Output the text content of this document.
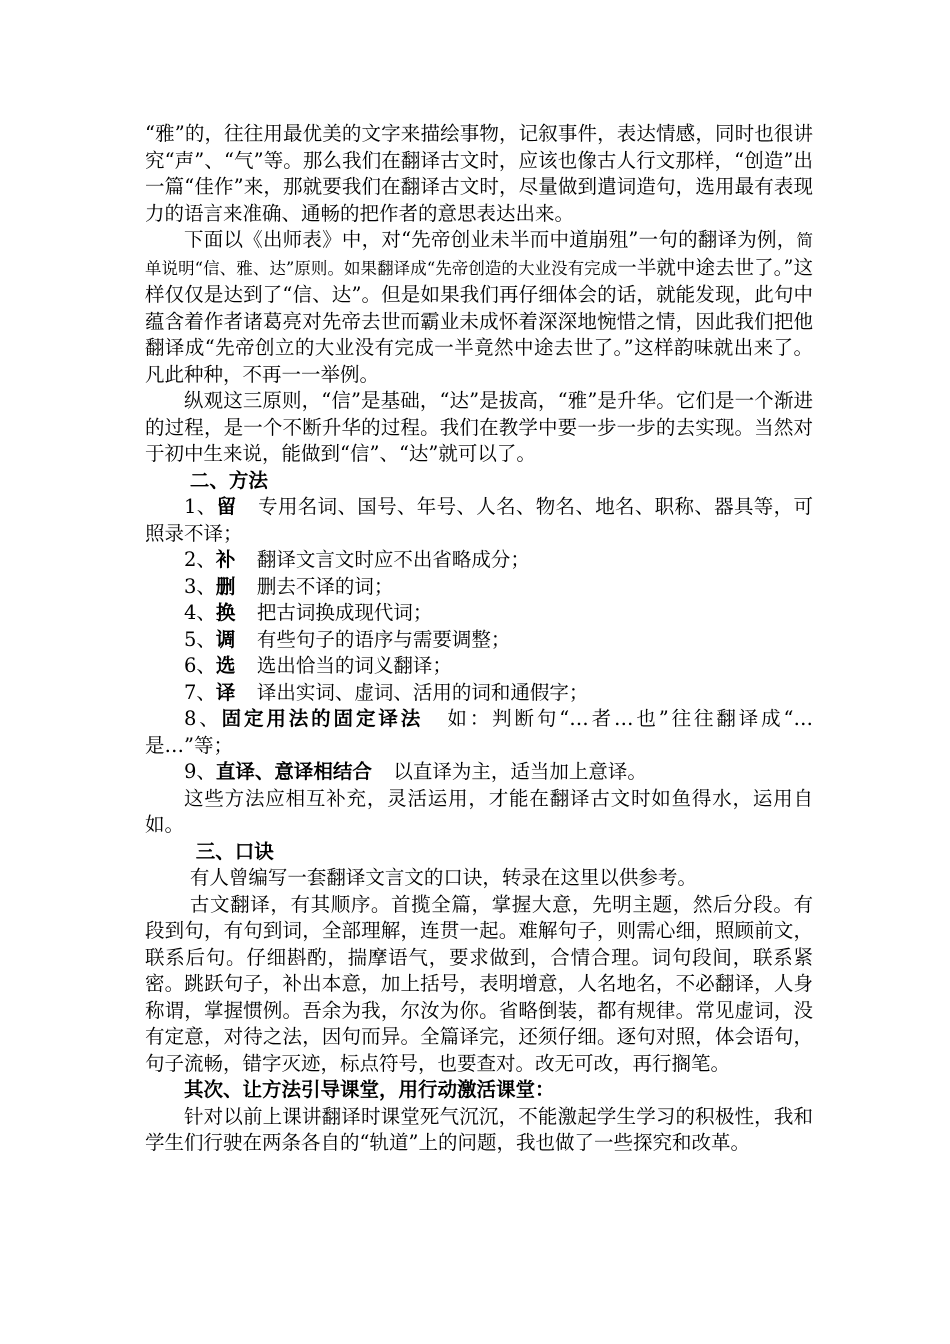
“雅”的，往往用最优美的文字来描绘事物，记叙事件，表达情感，同时也很讲究“声”、“气”等。那么我们在翻译古文时，应该也像古人行文那样，“创造”出一篇“佳作”来，那就要我们在翻译古文时，尽量做到遣词造句，选用最有表现力的语言来准确、通畅的把作者的意思表达出来。

下面以《出师表》中，对“先帝创业未半而中道崩殂”一句的翻译为例，简单说明“信、雅、达”原则。如果翻译成“先帝创造的大业没有完成一半就中途去世了。”这样仅仅是达到了“信、达”。但是如果我们再仔细体会的话，就能发现，此句中蕴含着作者诸葛亮对先帝去世而霸业未成怀着深深地惋惜之情，因此我们把他翻译成“先帝创立的大业没有完成一半竟然中途去世了。”这样韵味就出来了。凡此种种，不再一一举例。

纵观这三原则，“信”是基础，“达”是拔高，“雅”是升华。它们是一个渐进的过程，是一个不断升华的过程。我们在教学中要一步一步的去实现。当然对于初中生来说，能做到“信”、“达”就可以了。

二、方法

1、留 专用名词、国号、年号、人名、物名、地名、职称、器具等，可照录不译；

2、补 翻译文言文时应不出省略成分；

3、删 删去不译的词；

4、换 把古词换成现代词；

5、调 有些句子的语序与需要调整；

6、选 选出恰当的词义翻译；

7、译 译出实词、虚词、活用的词和通假字；

8、固定用法的固定译法 如：判断句“…者…也”往往翻译成“…是…”等；

9、直译、意译相结合 以直译为主，适当加上意译。

这些方法应相互补充，灵活运用，才能在翻译古文时如鱼得水，运用自如。

三、口诀

有人曾编写一套翻译文言文的口诀，转录在这里以供参考。

古文翻译，有其顺序。首揽全篇，掌握大意，先明主题，然后分段。有段到句，有句到词，全部理解，连贯一起。难解句子，则需心细，照顾前文，联系后句。仔细斟酌，揣摩语气，要求做到，合情合理。词句段间，联系紧密。跳跃句子，补出本意，加上括号，表明增意，人名地名，不必翻译，人身称谓，掌握惯例。吾余为我，尔汝为你。省略倒装，都有规律。常见虚词，没有定意，对待之法，因句而异。全篇译完，还须仔细。逐句对照，体会语句，句子流畅，错字灭迹，标点符号，也要查对。改无可改，再行搁笔。

其次、让方法引导课堂，用行动激活课堂：

针对以前上课讲翻译时课堂死气沉沉，不能激起学生学习的积极性，我和学生们行驶在两条各自的“轨道”上的问题，我也做了一些探究和改革。
